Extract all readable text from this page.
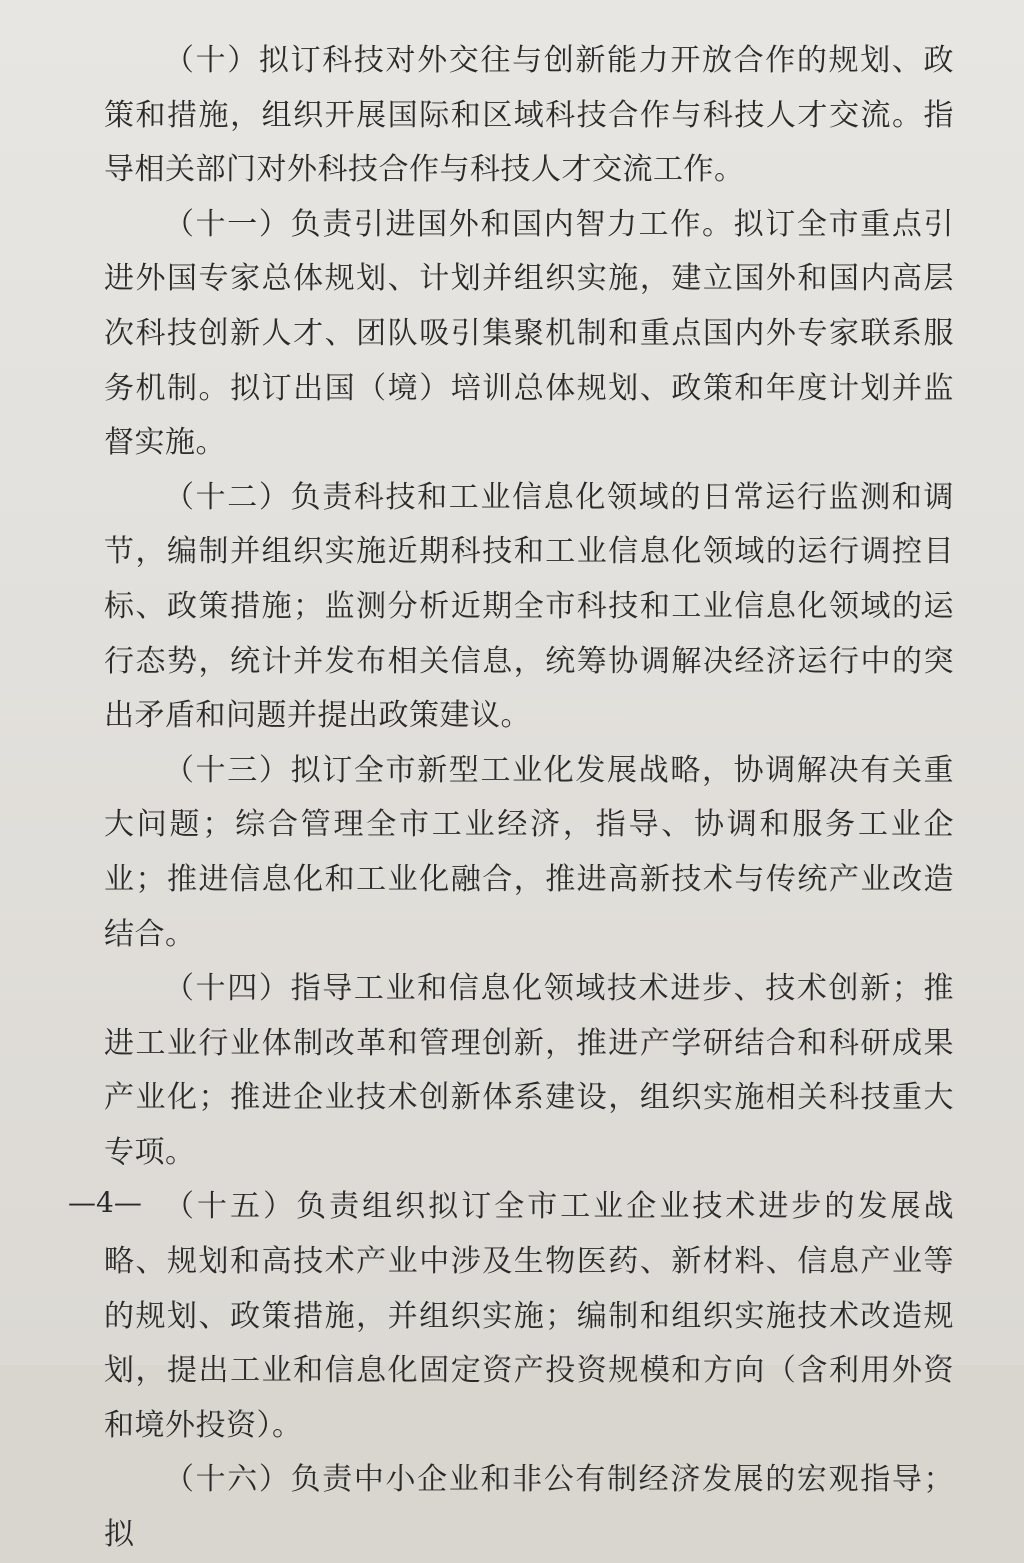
（十）拟订科技对外交往与创新能力开放合作的规划、政策和措施，组织开展国际和区域科技合作与科技人才交流。指导相关部门对外科技合作与科技人才交流工作。

（十一）负责引进国外和国内智力工作。拟订全市重点引进外国专家总体规划、计划并组织实施，建立国外和国内高层次科技创新人才、团队吸引集聚机制和重点国内外专家联系服务机制。拟订出国（境）培训总体规划、政策和年度计划并监督实施。

（十二）负责科技和工业信息化领域的日常运行监测和调节，编制并组织实施近期科技和工业信息化领域的运行调控目标、政策措施；监测分析近期全市科技和工业信息化领域的运行态势，统计并发布相关信息，统筹协调解决经济运行中的突出矛盾和问题并提出政策建议。

（十三）拟订全市新型工业化发展战略，协调解决有关重大问题；综合管理全市工业经济，指导、协调和服务工业企业；推进信息化和工业化融合，推进高新技术与传统产业改造结合。

（十四）指导工业和信息化领域技术进步、技术创新；推进工业行业体制改革和管理创新，推进产学研结合和科研成果产业化；推进企业技术创新体系建设，组织实施相关科技重大专项。

（十五）负责组织拟订全市工业企业技术进步的发展战略、规划和高技术产业中涉及生物医药、新材料、信息产业等的规划、政策措施，并组织实施；编制和组织实施技术改造规划，提出工业和信息化固定资产投资规模和方向（含利用外资和境外投资）。

（十六）负责中小企业和非公有制经济发展的宏观指导；拟

—4—
